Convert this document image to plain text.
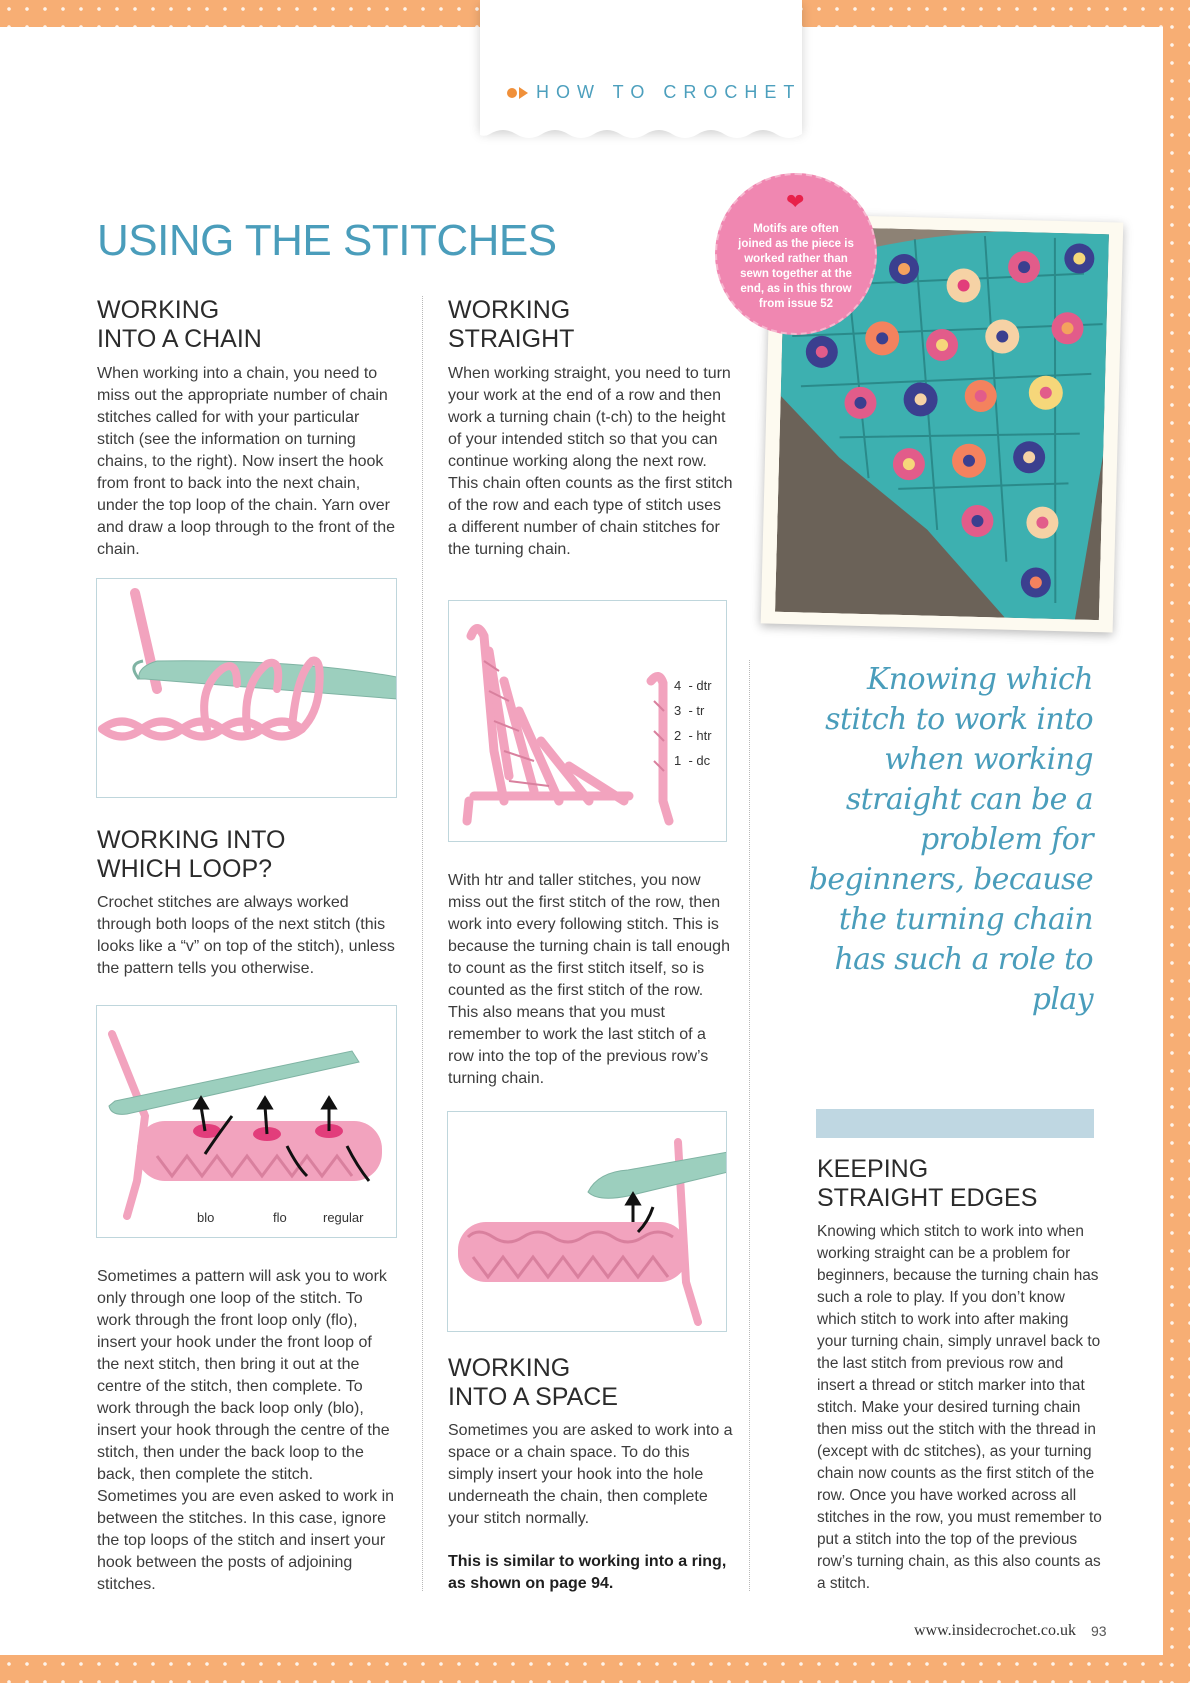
HOW TO CROCHET
USING THE STITCHES
WORKING
INTO A CHAIN
When working into a chain, you need to miss out the appropriate number of chain stitches called for with your particular stitch (see the information on turning chains, to the right). Now insert the hook from front to back into the next chain, under the top loop of the chain. Yarn over and draw a loop through to the front of the chain.
WORKING INTO
WHICH LOOP?
Crochet stitches are always worked through both loops of the next stitch (this looks like a “v” on top of the stitch), unless the pattern tells you otherwise.
blo	flo	regular
Sometimes a pattern will ask you to work only through one loop of the stitch. To work through the front loop only (flo), insert your hook under the front loop of the next stitch, then bring it out at the centre of the stitch, then complete. To work through the back loop only (blo), insert your hook through the centre of the stitch, then under the back loop to the back, then complete the stitch. Sometimes you are even asked to work in between the stitches. In this case, ignore the top loops of the stitch and insert your hook between the posts of adjoining stitches.
WORKING
STRAIGHT
When working straight, you need to turn your work at the end of a row and then work a turning chain (t-ch) to the height of your intended stitch so that you can continue working along the next row. This chain often counts as the first stitch of the row and each type of stitch uses a different number of chain stitches for the turning chain.
4  - dtr
3  - tr
2  - htr
1  - dc
With htr and taller stitches, you now miss out the first stitch of the row, then work into every following stitch. This is because the turning chain is tall enough to count as the first stitch itself, so is counted as the first stitch of the row. This also means that you must remember to work the last stitch of a row into the top of the previous row’s turning chain.
WORKING
INTO A SPACE
Sometimes you are asked to work into a space or a chain space. To do this simply insert your hook into the hole underneath the chain, then complete your stitch normally.
This is similar to working into a ring, as shown on page 94.
❤
Motifs are often joined as the piece is worked rather than sewn together at the end, as in this throw from issue 52
Knowing which stitch to work into when working straight can be a problem for beginners, because the turning chain has such a role to play
KEEPING
STRAIGHT EDGES
Knowing which stitch to work into when working straight can be a problem for beginners, because the turning chain has such a role to play. If you don’t know which stitch to work into after making your turning chain, simply unravel back to the last stitch from previous row and insert a thread or stitch marker into that stitch. Make your desired turning chain then miss out the stitch with the thread in (except with dc stitches), as your turning chain now counts as the first stitch of the row. Once you have worked across all stitches in the row, you must remember to put a stitch into the top of the previous row’s turning chain, as this also counts as a stitch.
www.insidecrochet.co.uk 93
